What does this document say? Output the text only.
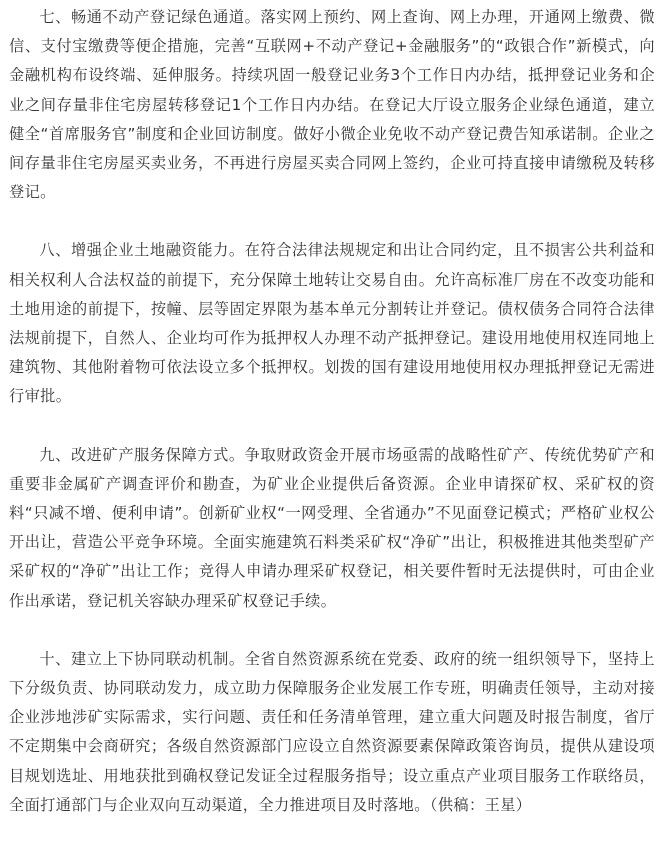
七、畅通不动产登记绿色通道。落实网上预约、网上查询、网上办理，开通网上缴费、微信、支付宝缴费等便企措施，完善“互联网+不动产登记+金融服务”的“政银合作”新模式，向金融机构布设终端、延伸服务。持续巩固一般登记业务3个工作日内办结，抵押登记业务和企业之间存量非住宅房屋转移登记1个工作日内办结。在登记大厅设立服务企业绿色通道，建立健全“首席服务官”制度和企业回访制度。做好小微企业免收不动产登记费告知承诺制。企业之间存量非住宅房屋买卖业务，不再进行房屋买卖合同网上签约，企业可持直接申请缴税及转移登记。

八、增强企业土地融资能力。在符合法律法规规定和出让合同约定，且不损害公共利益和相关权利人合法权益的前提下，充分保障土地转让交易自由。允许高标准厂房在不改变功能和土地用途的前提下，按幢、层等固定界限为基本单元分割转让并登记。债权债务合同符合法律法规前提下，自然人、企业均可作为抵押权人办理不动产抵押登记。建设用地使用权连同地上建筑物、其他附着物可依法设立多个抵押权。划拨的国有建设用地使用权办理抵押登记无需进行审批。

九、改进矿产服务保障方式。争取财政资金开展市场亟需的战略性矿产、传统优势矿产和重要非金属矿产调查评价和勘查，为矿业企业提供后备资源。企业申请探矿权、采矿权的资料“只减不增、便利申请”。创新矿业权“一网受理、全省通办”不见面登记模式；严格矿业权公开出让，营造公平竞争环境。全面实施建筑石料类采矿权“净矿”出让，积极推进其他类型矿产采矿权的“净矿”出让工作；竞得人申请办理采矿权登记，相关要件暂时无法提供时，可由企业作出承诺，登记机关容缺办理采矿权登记手续。

十、建立上下协同联动机制。全省自然资源系统在党委、政府的统一组织领导下，坚持上下分级负责、协同联动发力，成立助力保障服务企业发展工作专班，明确责任领导，主动对接企业涉地涉矿实际需求，实行问题、责任和任务清单管理，建立重大问题及时报告制度，省厅不定期集中会商研究；各级自然资源部门应设立自然资源要素保障政策咨询员，提供从建设项目规划选址、用地获批到确权登记发证全过程服务指导；设立重点产业项目服务工作联络员，全面打通部门与企业双向互动渠道，全力推进项目及时落地。（供稿：王星）
